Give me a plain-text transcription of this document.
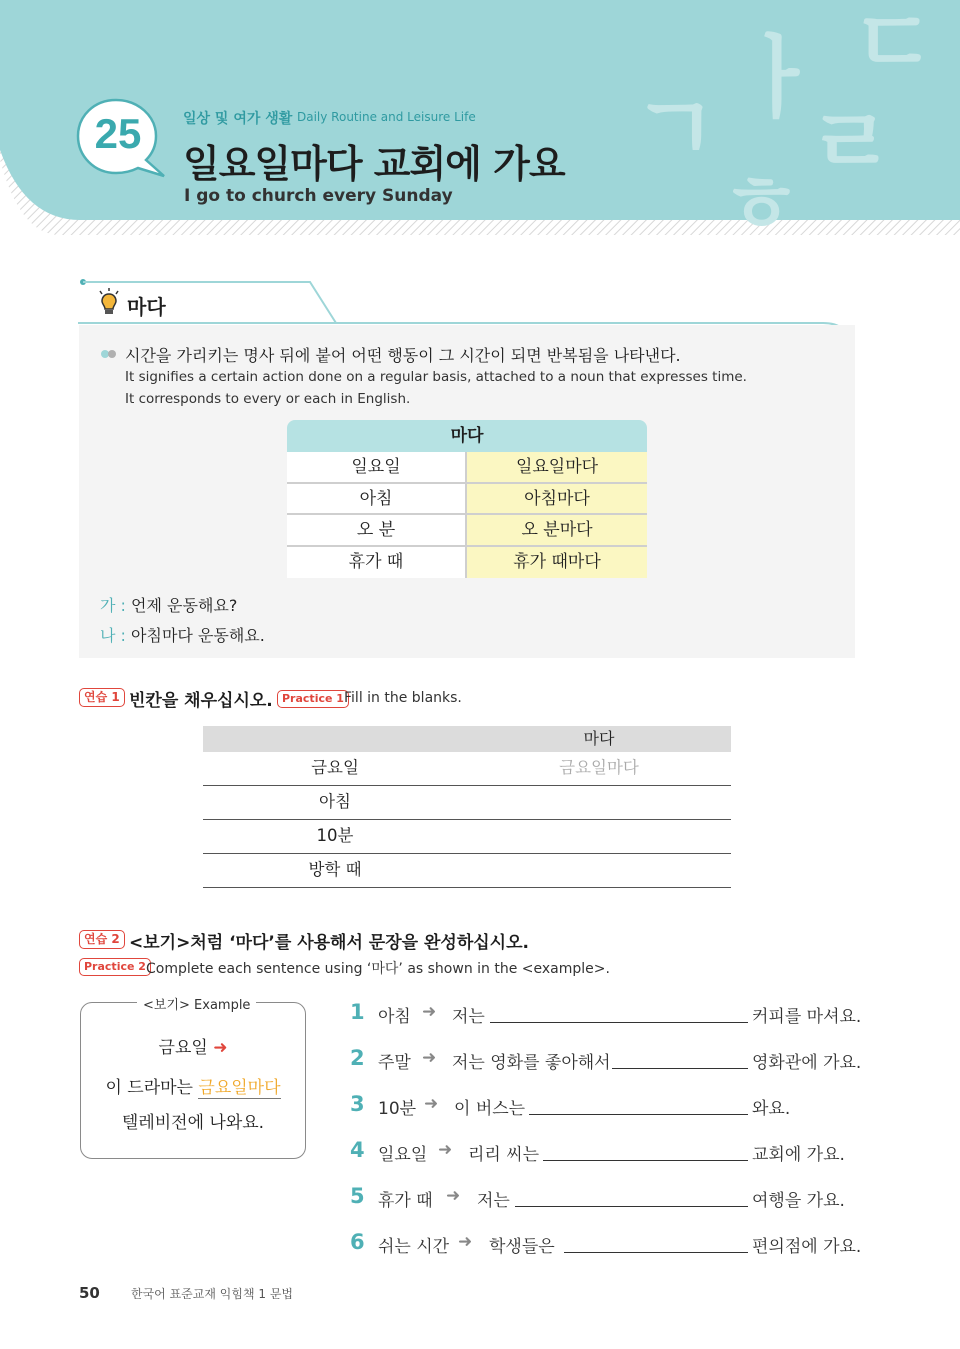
ㄷ
ㅏ
ㄱ ㄹ
ㅎ
25	일상 및 여가 생활 Daily Routine and Leisure Life
일요일마다 교회에 가요
I go to church every Sunday
마다
시간을 가리키는 명사 뒤에 붙어 어떤 행동이 그 시간이 되면 반복됨을 나타낸다.
It signifies a certain action done on a regular basis, attached to a noun that expresses time.
It corresponds to every or each in English.
마다
일요일	일요일마다
아침	아침마다
오 분	오 분마다
휴가 때	휴가 때마다
가 : 언제 운동해요?
나 : 아침마다 운동해요.
연습 1 빈칸을 채우십시오. Practice 1 Fill in the blanks.
마다
금요일	금요일마다
아침
10분
방학 때
연습 2 <보기>처럼 ‘마다’를 사용해서 문장을 완성하십시오.
Practice 2 Complete each sentence using ‘마다’ as shown in the <example>.
<보기> Example
금요일 ➜
이 드라마는 금요일마다
텔레비전에 나와요.
1 아침 ➜ 저는	커피를 마셔요.
2 주말 ➜ 저는 영화를 좋아해서	영화관에 가요.
3 10분 ➜ 이 버스는	와요.
4 일요일 ➜ 리리 씨는	교회에 가요.
5 휴가 때 ➜ 저는	여행을 가요.
6 쉬는 시간 ➜ 학생들은	편의점에 가요.
50	한국어 표준교재 익힘책 1 문법
